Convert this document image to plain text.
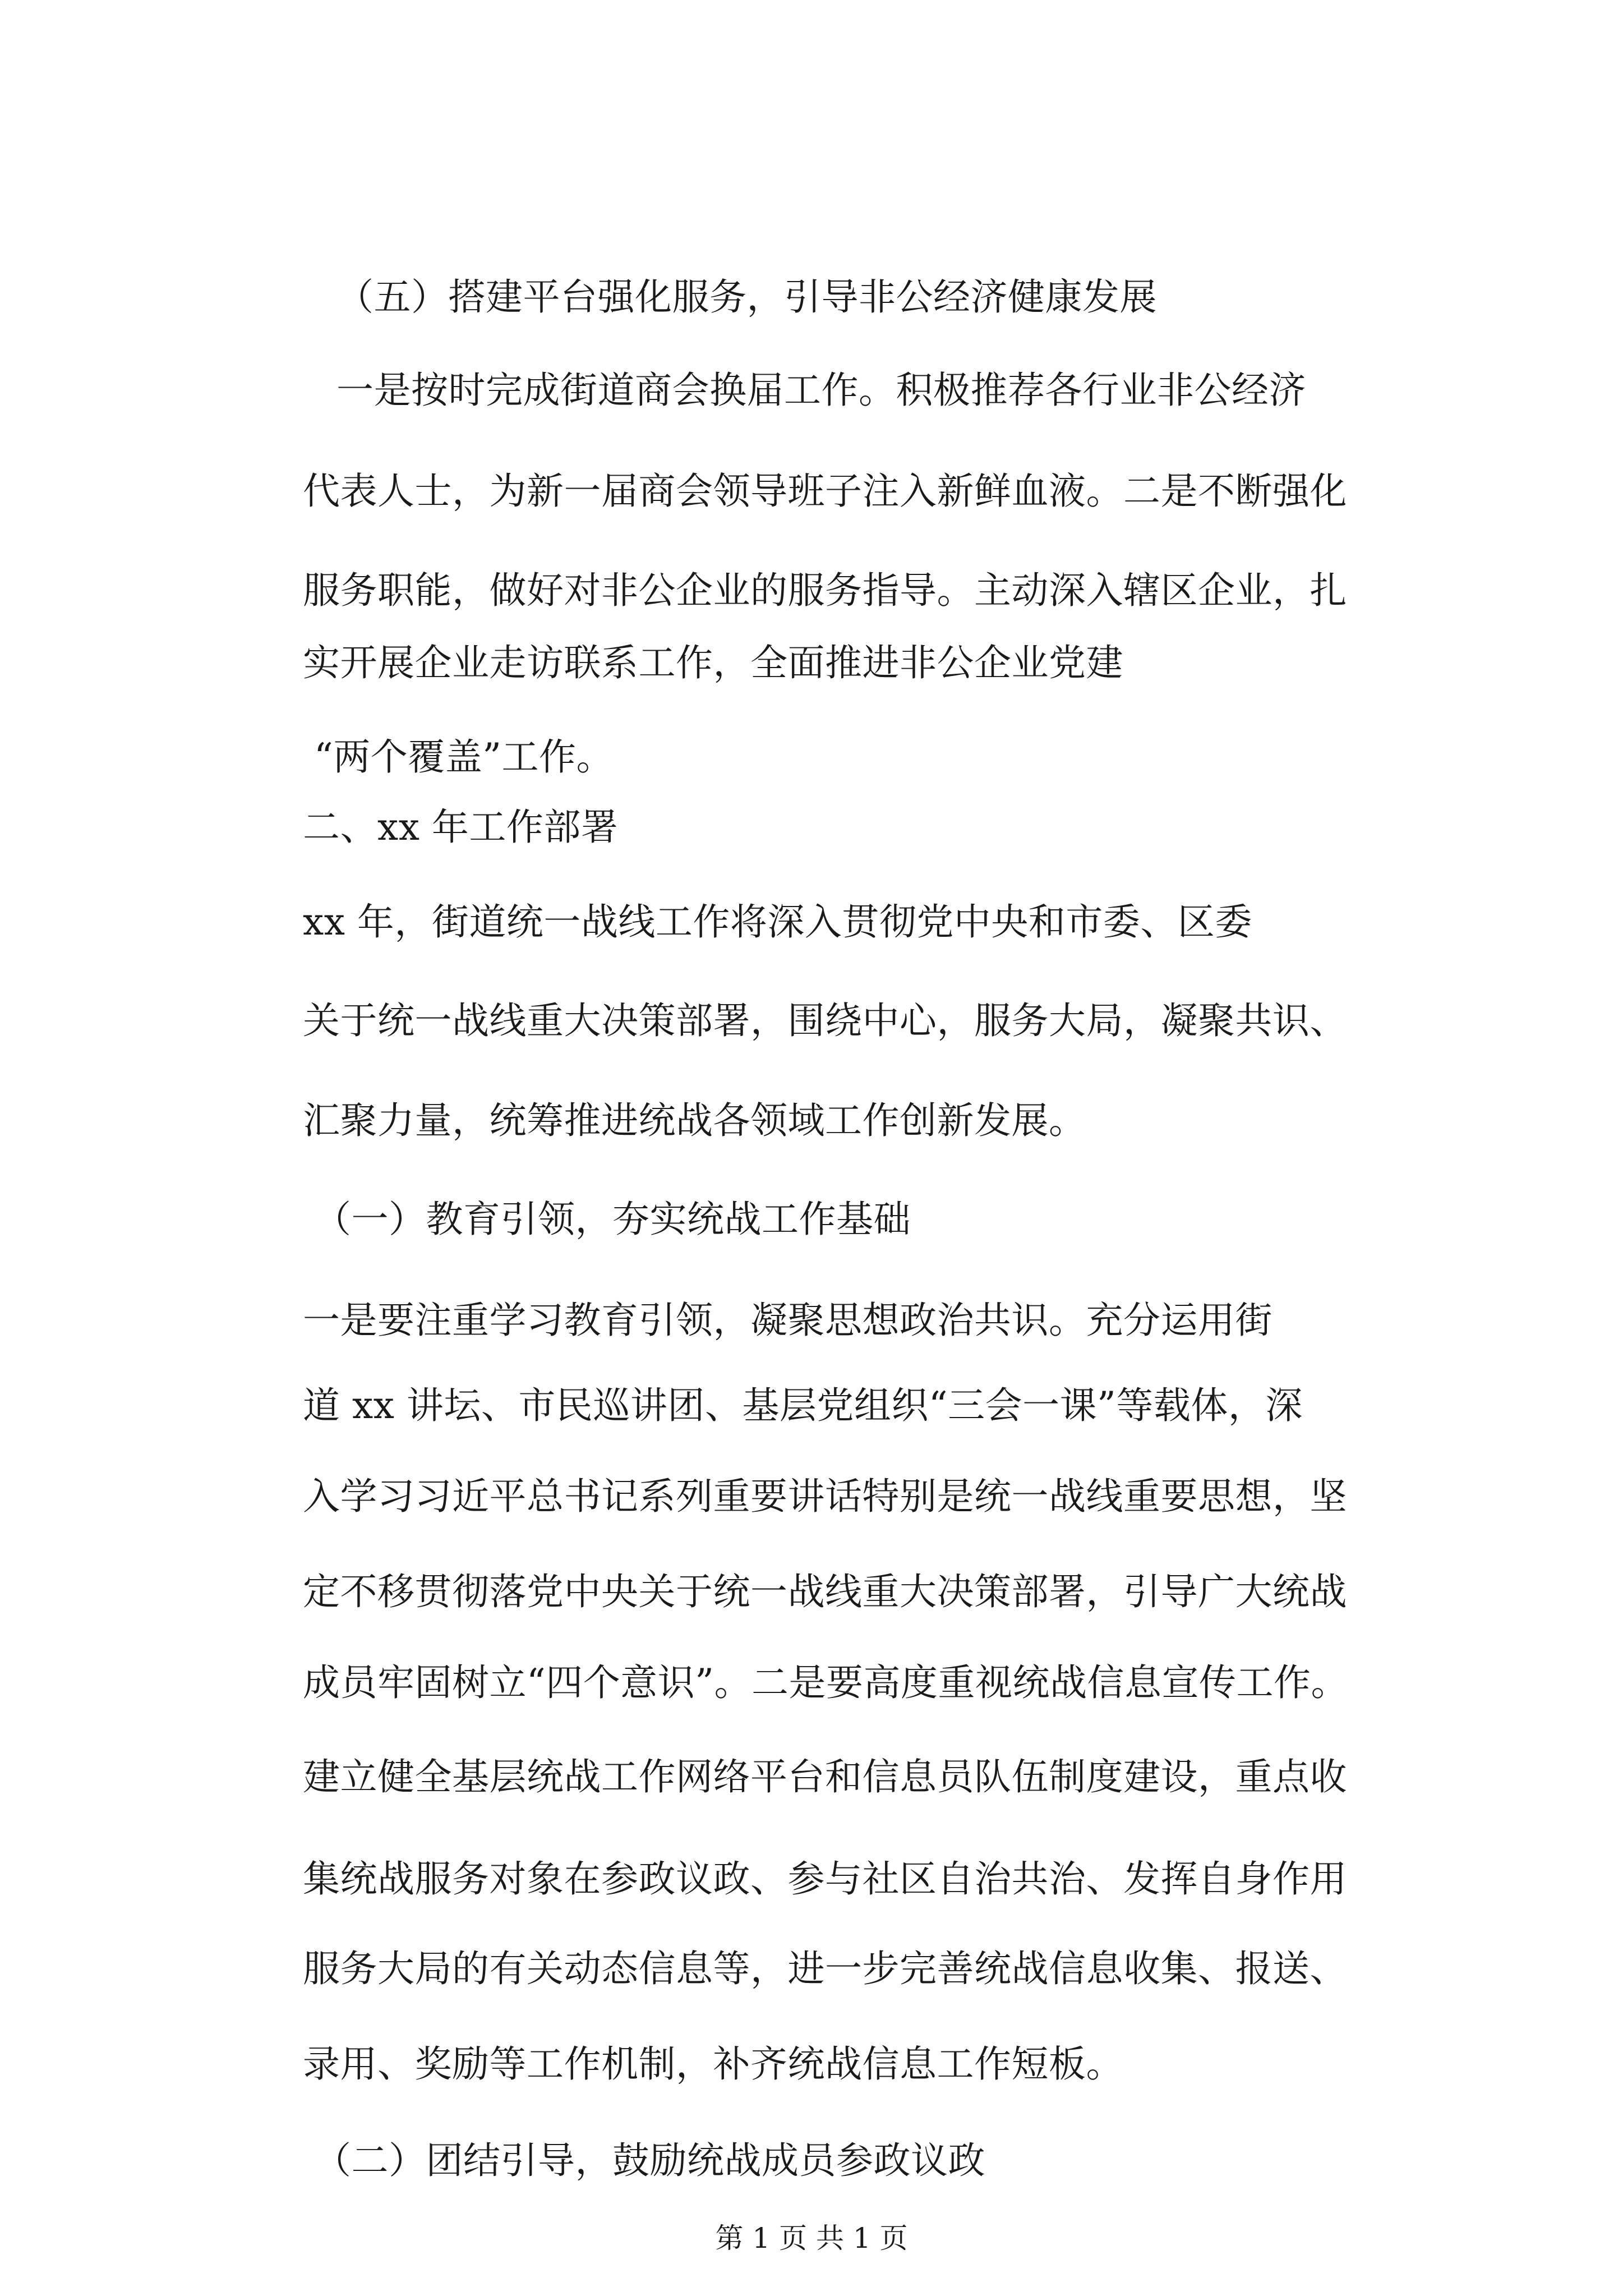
（五）搭建平台强化服务，引导非公经济健康发展
一是按时完成街道商会换届工作。积极推荐各行业非公经济
代表人士，为新一届商会领导班子注入新鲜血液。二是不断强化
服务职能，做好对非公企业的服务指导。主动深入辖区企业，扎
实开展企业走访联系工作，全面推进非公企业党建
“两个覆盖”工作。
二、xx 年工作部署
xx 年，街道统一战线工作将深入贯彻党中央和市委、区委
关于统一战线重大决策部署，围绕中心，服务大局，凝聚共识、
汇聚力量，统筹推进统战各领域工作创新发展。
（一）教育引领，夯实统战工作基础
一是要注重学习教育引领，凝聚思想政治共识。充分运用街
道 xx 讲坛、市民巡讲团、基层党组织“三会一课”等载体，深
入学习习近平总书记系列重要讲话特别是统一战线重要思想，坚
定不移贯彻落党中央关于统一战线重大决策部署，引导广大统战
成员牢固树立“四个意识”。二是要高度重视统战信息宣传工作。
建立健全基层统战工作网络平台和信息员队伍制度建设，重点收
集统战服务对象在参政议政、参与社区自治共治、发挥自身作用
服务大局的有关动态信息等，进一步完善统战信息收集、报送、
录用、奖励等工作机制，补齐统战信息工作短板。
（二）团结引导，鼓励统战成员参政议政
第 1 页 共 1 页
